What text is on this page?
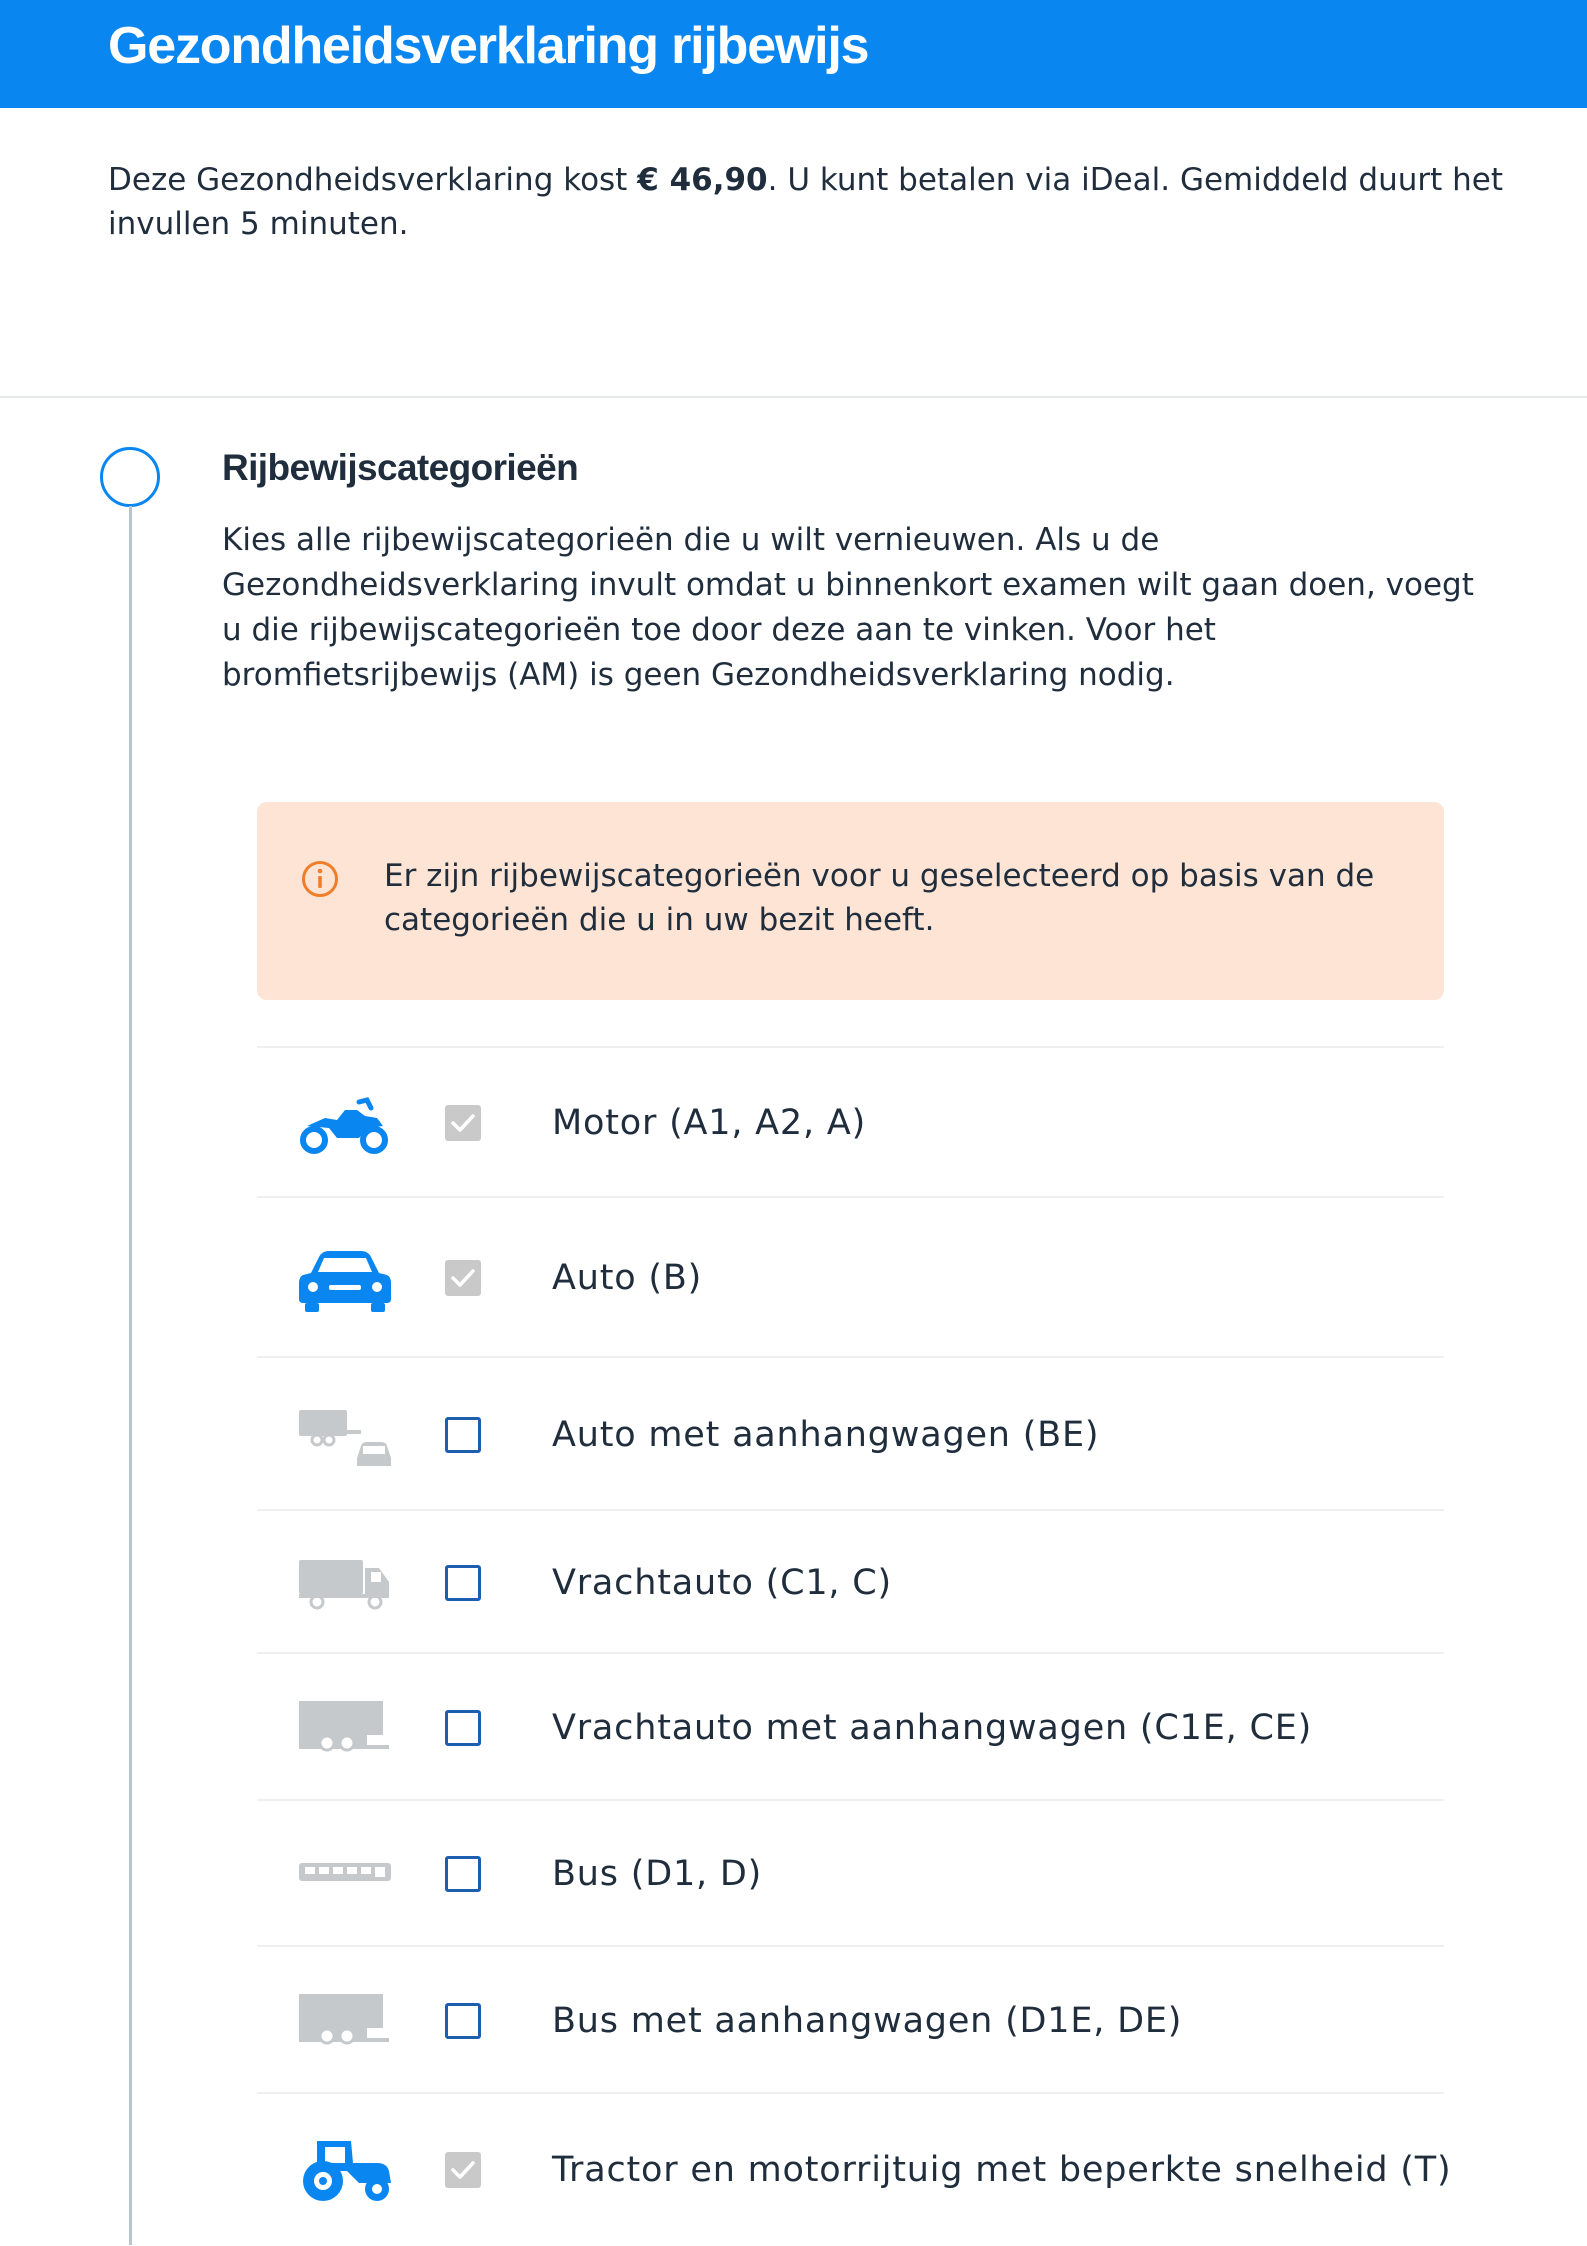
Gezondheidsverklaring rijbewijs
Deze Gezondheidsverklaring kost € 46,90. U kunt betalen via iDeal. Gemiddeld duurt het invullen 5 minuten.
Rijbewijscategorieën
Kies alle rijbewijscategorieën die u wilt vernieuwen. Als u de Gezondheidsverklaring invult omdat u binnenkort examen wilt gaan doen, voegt u die rijbewijscategorieën toe door deze aan te vinken. Voor het bromfietsrijbewijs (AM) is geen Gezondheidsverklaring nodig.
Er zijn rijbewijscategorieën voor u geselecteerd op basis van de categorieën die u in uw bezit heeft.
Motor (A1, A2, A)
Auto (B)
Auto met aanhangwagen (BE)
Vrachtauto (C1, C)
Vrachtauto met aanhangwagen (C1E, CE)
Bus (D1, D)
Bus met aanhangwagen (D1E, DE)
Tractor en motorrijtuig met beperkte snelheid (T)
